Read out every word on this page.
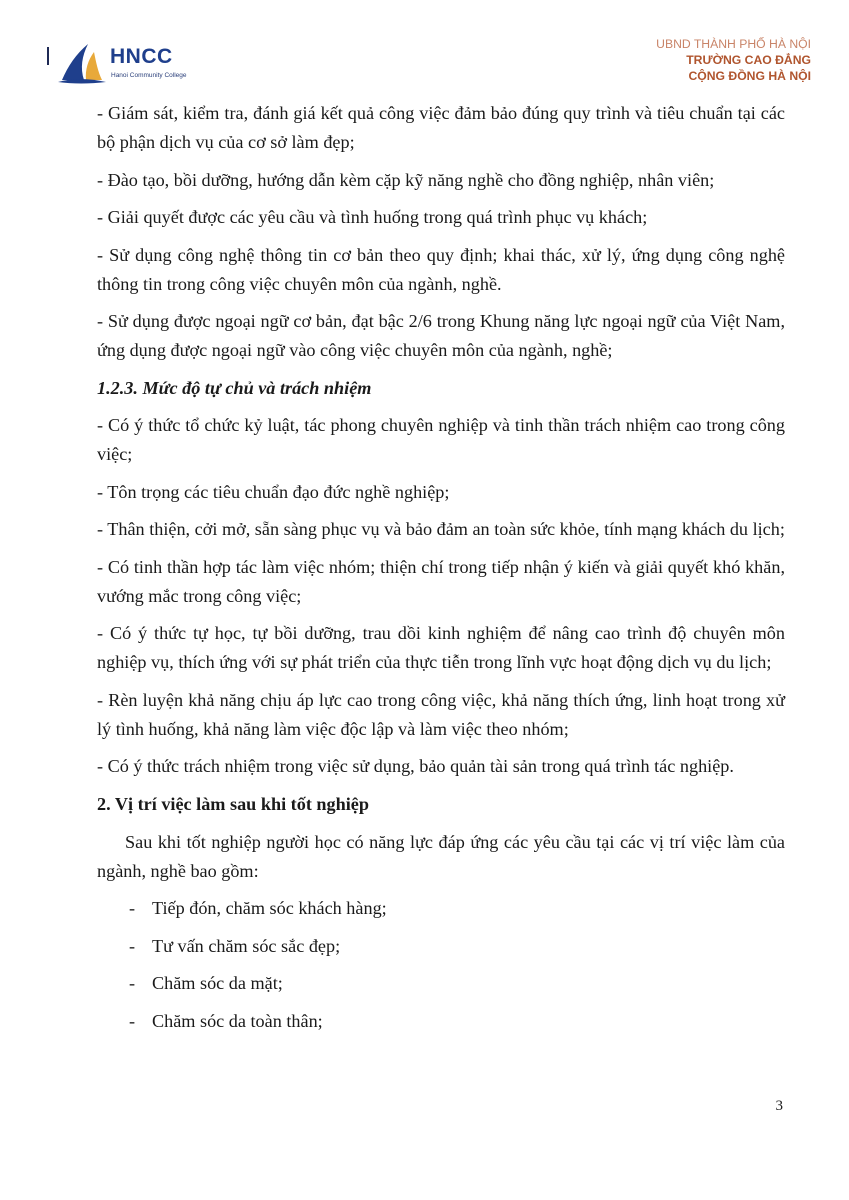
HNCC
Hanoi Community College
UBND THÀNH PHỐ HÀ NỘI
TRƯỜNG CAO ĐẲNG
CỘNG ĐỒNG HÀ NỘI

- Giám sát, kiểm tra, đánh giá kết quả công việc đảm bảo đúng quy trình và tiêu chuẩn tại các bộ phận dịch vụ của cơ sở làm đẹp;

- Đào tạo, bồi dưỡng, hướng dẫn kèm cặp kỹ năng nghề cho đồng nghiệp, nhân viên;

- Giải quyết được các yêu cầu và tình huống trong quá trình phục vụ khách;

- Sử dụng công nghệ thông tin cơ bản theo quy định; khai thác, xử lý, ứng dụng công nghệ thông tin trong công việc chuyên môn của ngành, nghề.

- Sử dụng được ngoại ngữ cơ bản, đạt bậc 2/6 trong Khung năng lực ngoại ngữ của Việt Nam, ứng dụng được ngoại ngữ vào công việc chuyên môn của ngành, nghề;

1.2.3. Mức độ tự chủ và trách nhiệm

- Có ý thức tổ chức kỷ luật, tác phong chuyên nghiệp và tinh thần trách nhiệm cao trong công việc;

- Tôn trọng các tiêu chuẩn đạo đức nghề nghiệp;

- Thân thiện, cởi mở, sẵn sàng phục vụ và bảo đảm an toàn sức khỏe, tính mạng khách du lịch;

- Có tinh thần hợp tác làm việc nhóm; thiện chí trong tiếp nhận ý kiến và giải quyết khó khăn, vướng mắc trong công việc;

- Có ý thức tự học, tự bồi dưỡng, trau dồi kinh nghiệm để nâng cao trình độ chuyên môn nghiệp vụ, thích ứng với sự phát triển của thực tiễn trong lĩnh vực hoạt động dịch vụ du lịch;

- Rèn luyện khả năng chịu áp lực cao trong công việc, khả năng thích ứng, linh hoạt trong xử lý tình huống, khả năng làm việc độc lập và làm việc theo nhóm;

- Có ý thức trách nhiệm trong việc sử dụng, bảo quản tài sản trong quá trình tác nghiệp.

2. Vị trí việc làm sau khi tốt nghiệp

Sau khi tốt nghiệp người học có năng lực đáp ứng các yêu cầu tại các vị trí việc làm của ngành, nghề bao gồm:

- Tiếp đón, chăm sóc khách hàng;
- Tư vấn chăm sóc sắc đẹp;
- Chăm sóc da mặt;
- Chăm sóc da toàn thân;
3
